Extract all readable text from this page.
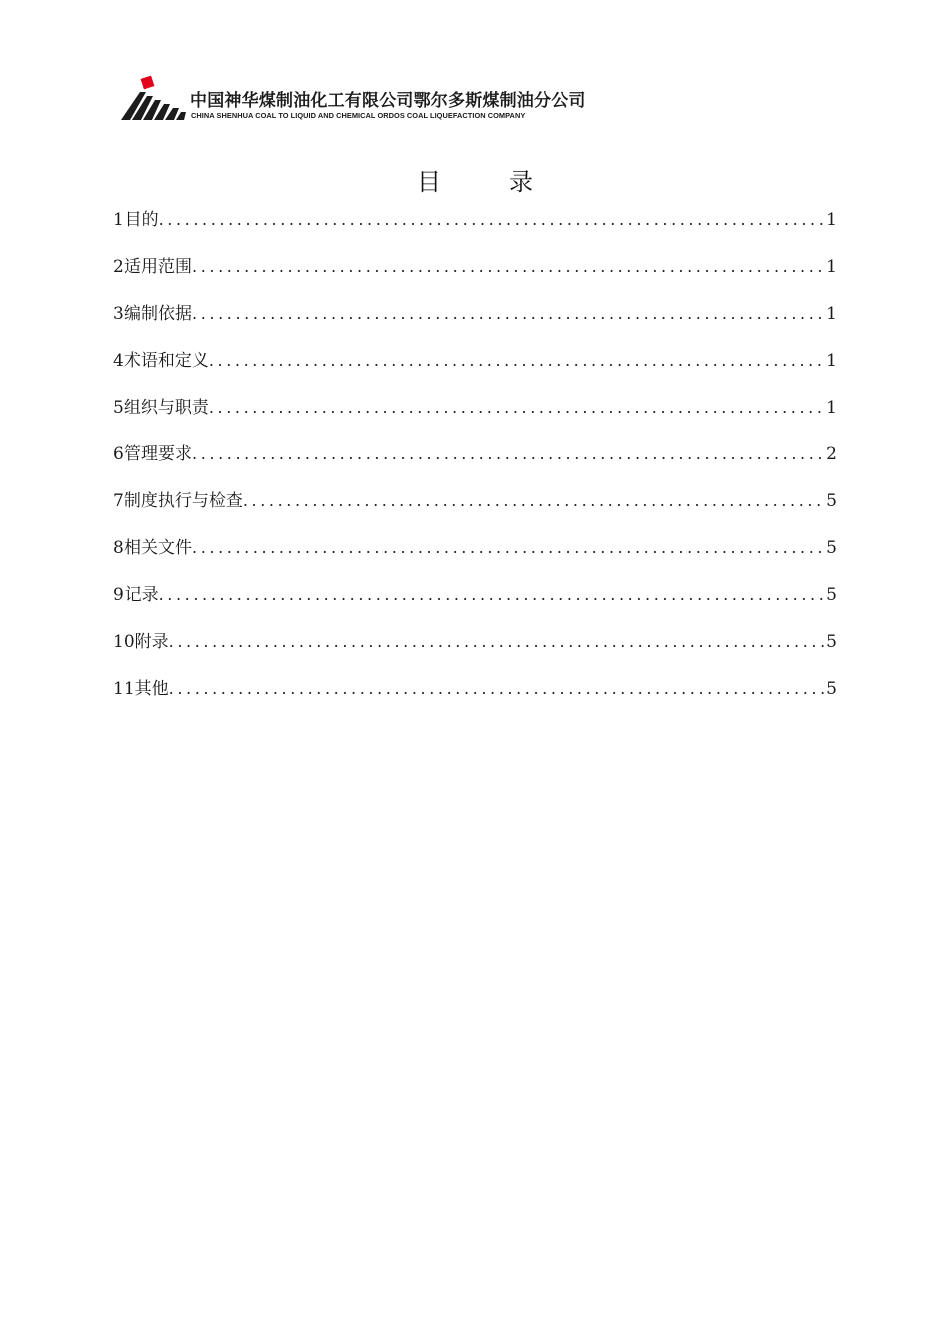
中国神华煤制油化工有限公司鄂尔多斯煤制油分公司
CHINA SHENHUA COAL TO LIQUID AND CHEMICAL ORDOS COAL LIQUEFACTION COMPANY
目　录
1 目的 .....	1
2 适用范围 .....	1
3 编制依据 .....	1
4 术语和定义 .....	1
5 组织与职责 .....	1
6 管理要求 .....	2
7 制度执行与检查 .....	5
8 相关文件 .....	5
9 记录 .....	5
10 附录 .....	5
11 其他 .....	5
